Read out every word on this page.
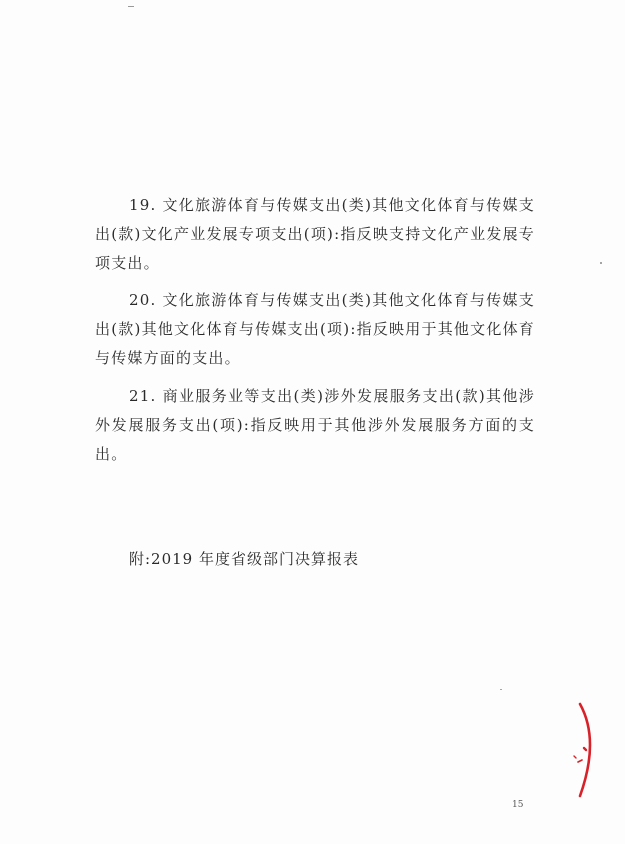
19. 文化旅游体育与传媒支出(类)其他文化体育与传媒支出(款)文化产业发展专项支出(项):指反映支持文化产业发展专项支出。

20. 文化旅游体育与传媒支出(类)其他文化体育与传媒支出(款)其他文化体育与传媒支出(项):指反映用于其他文化体育与传媒方面的支出。

21. 商业服务业等支出(类)涉外发展服务支出(款)其他涉外发展服务支出(项):指反映用于其他涉外发展服务方面的支出。

附:2019 年度省级部门决算报表
15
